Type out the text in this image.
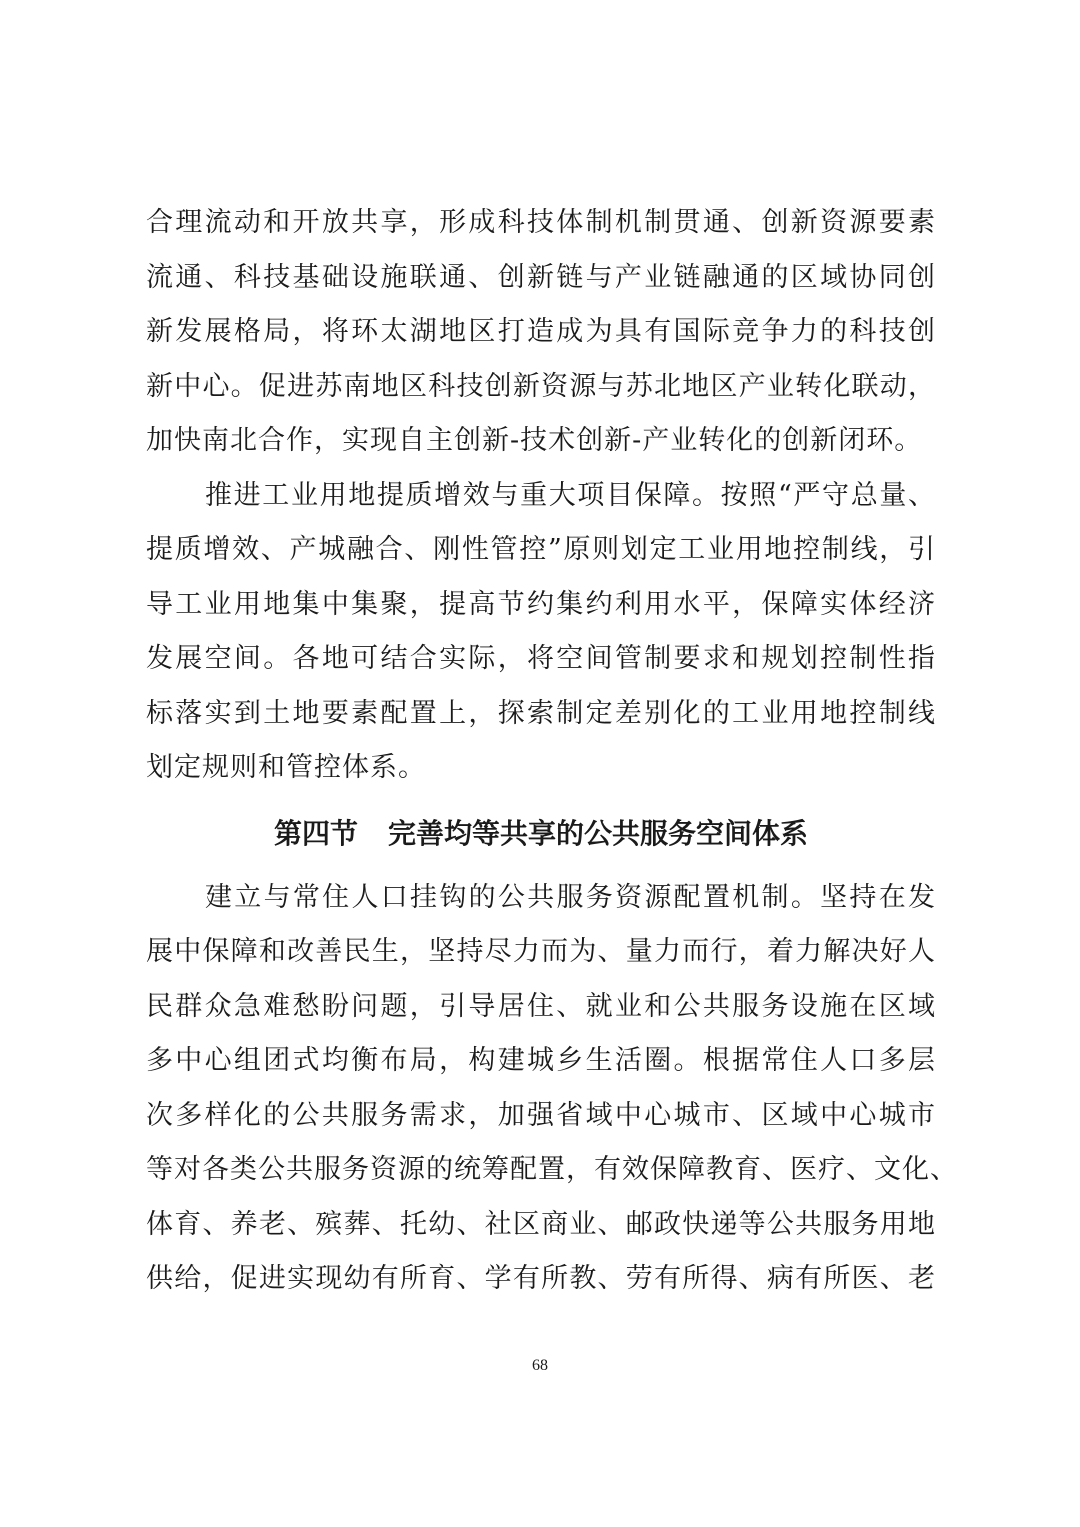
合理流动和开放共享，形成科技体制机制贯通、创新资源要素
流通、科技基础设施联通、创新链与产业链融通的区域协同创
新发展格局，将环太湖地区打造成为具有国际竞争力的科技创
新中心。促进苏南地区科技创新资源与苏北地区产业转化联动，
加快南北合作，实现自主创新-技术创新-产业转化的创新闭环。
推进工业用地提质增效与重大项目保障。按照“严守总量、
提质增效、产城融合、刚性管控”原则划定工业用地控制线，引
导工业用地集中集聚，提高节约集约利用水平，保障实体经济
发展空间。各地可结合实际，将空间管制要求和规划控制性指
标落实到土地要素配置上，探索制定差别化的工业用地控制线
划定规则和管控体系。
第四节 完善均等共享的公共服务空间体系
建立与常住人口挂钩的公共服务资源配置机制。坚持在发
展中保障和改善民生，坚持尽力而为、量力而行，着力解决好人
民群众急难愁盼问题，引导居住、就业和公共服务设施在区域
多中心组团式均衡布局，构建城乡生活圈。根据常住人口多层
次多样化的公共服务需求，加强省域中心城市、区域中心城市
等对各类公共服务资源的统筹配置，有效保障教育、医疗、文化、
体育、养老、殡葬、托幼、社区商业、邮政快递等公共服务用地
供给，促进实现幼有所育、学有所教、劳有所得、病有所医、老
68
